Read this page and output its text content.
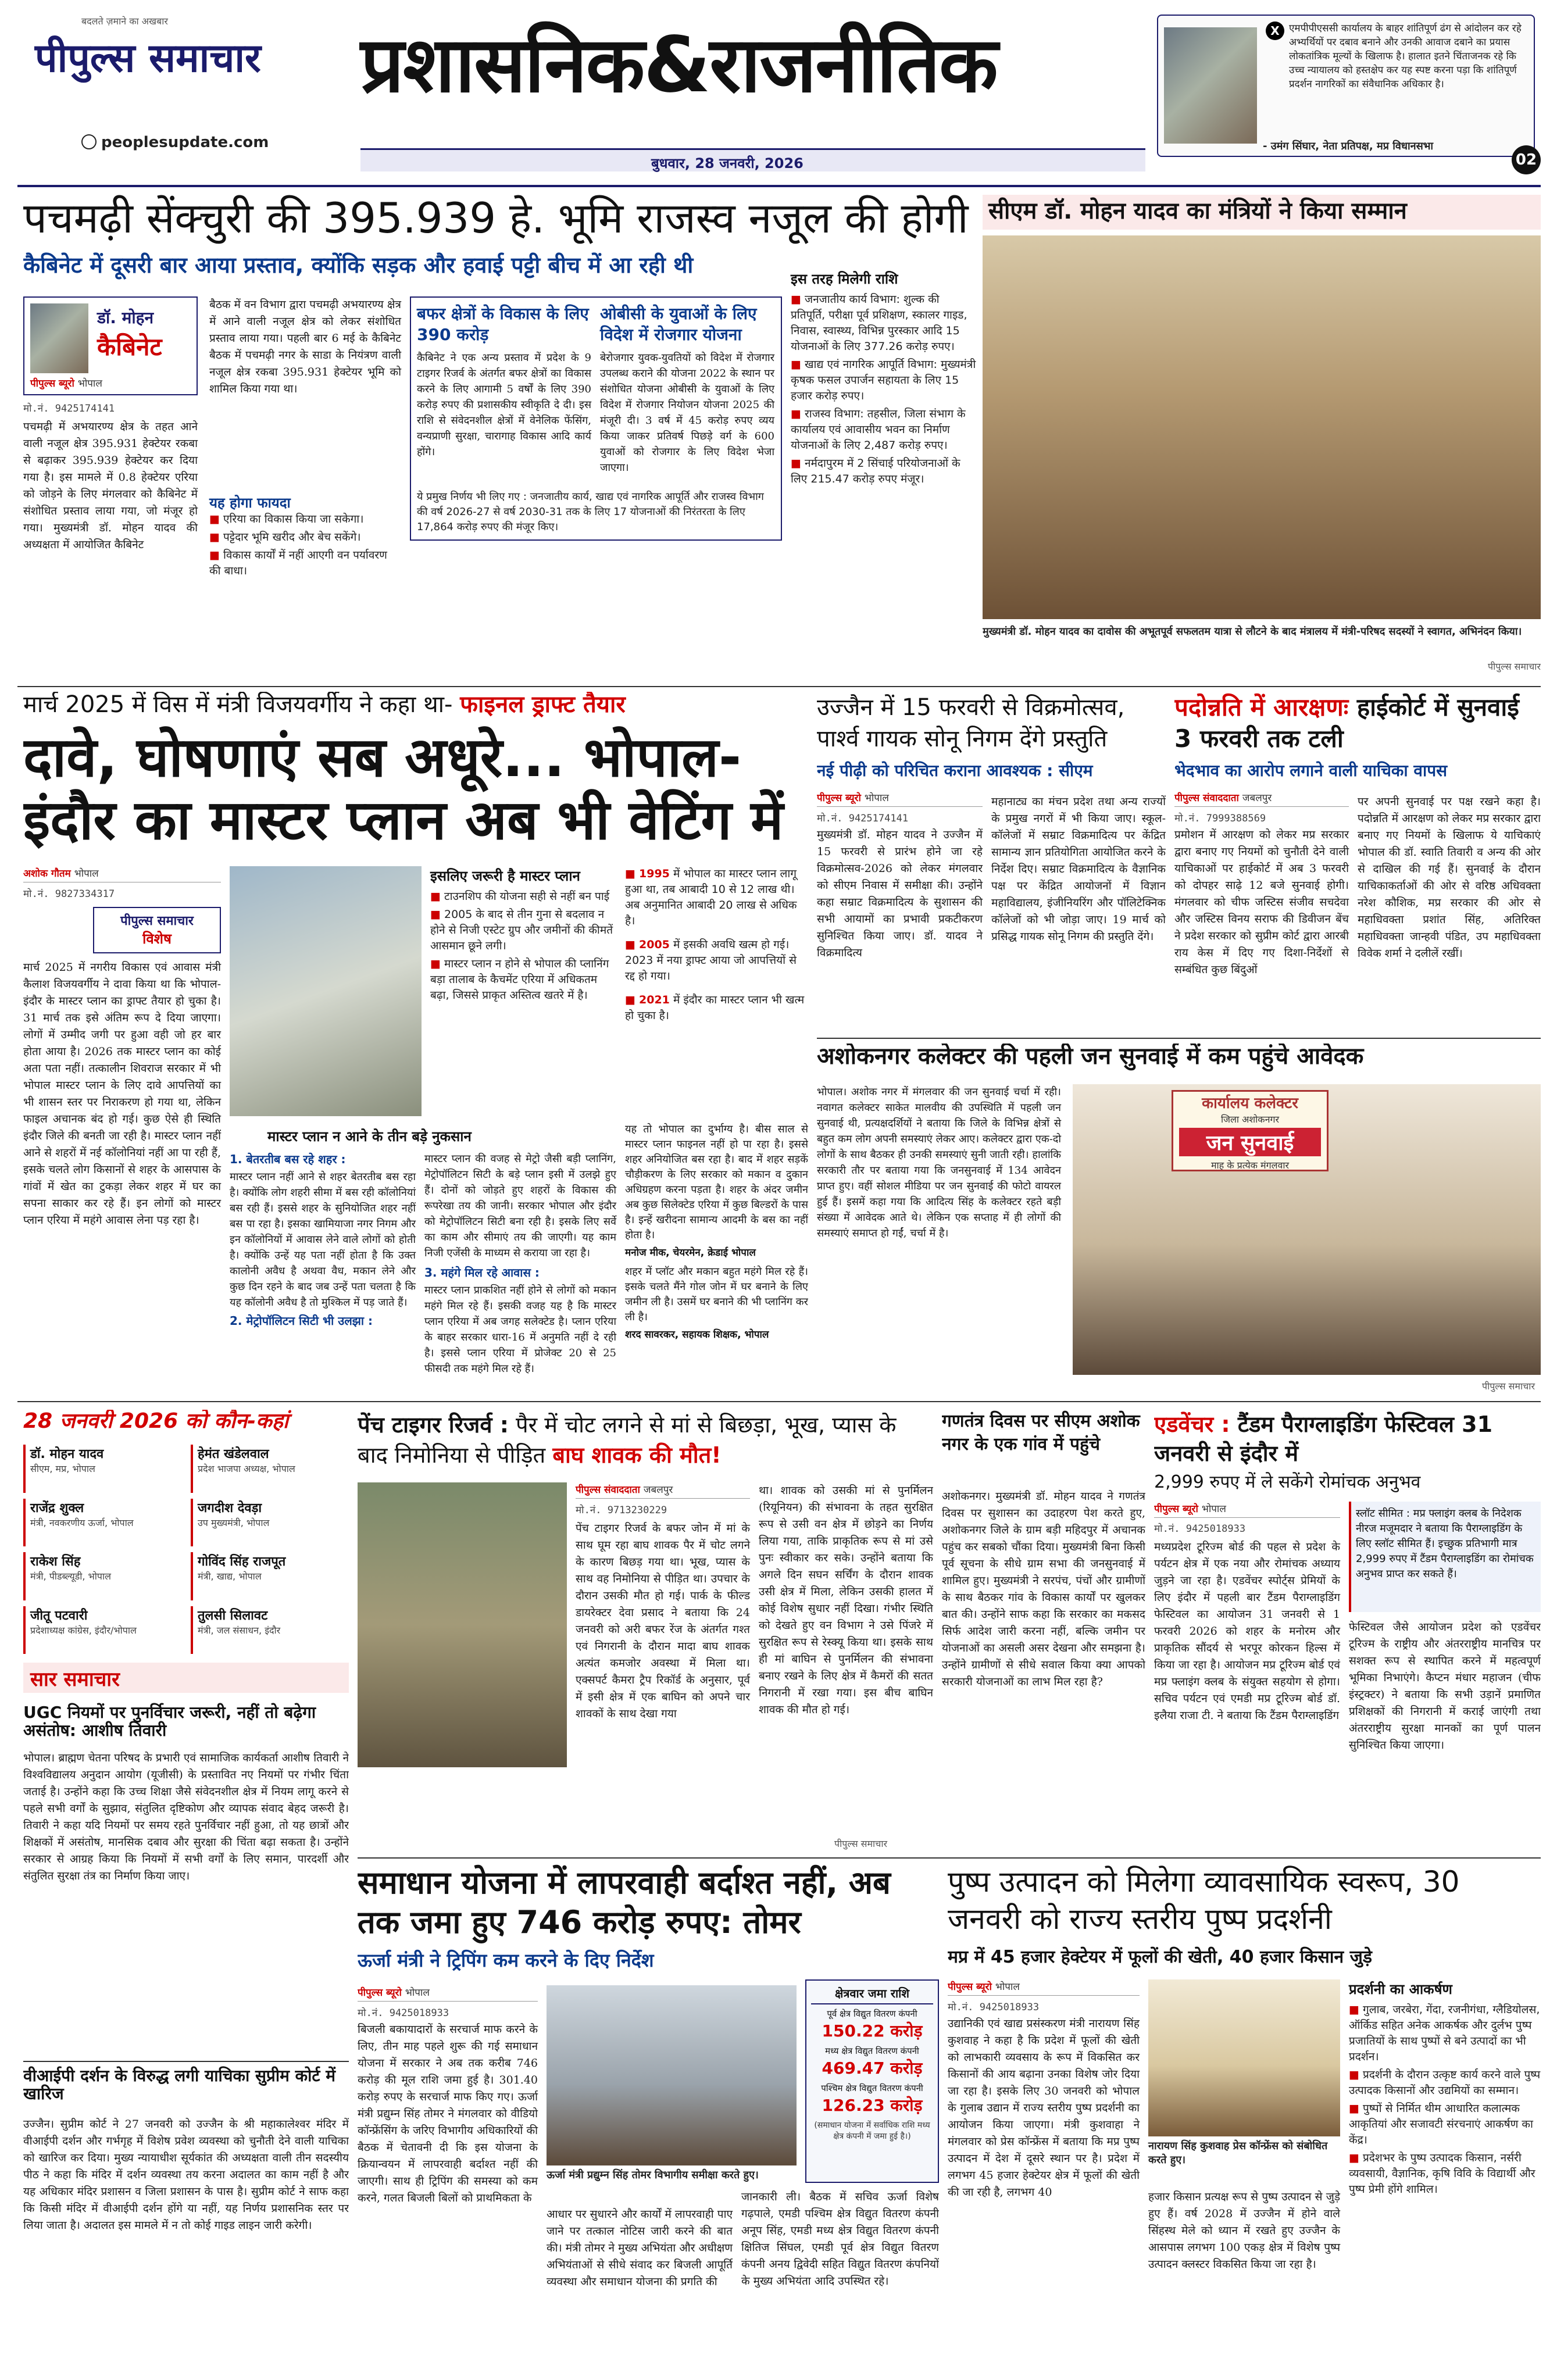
बदलते ज़माने का अखबार
पीपुल्स समाचार प्रशासनिक&राजनीतिक
peoplesupdate.com
बुधवार, 28 जनवरी, 2026
X एमपीपीएससी कार्यालय के बाहर शांतिपूर्ण ढंग से आंदोलन कर रहे अभ्यर्थियों पर दबाव बनाने और उनकी आवाज दबाने का प्रयास लोकतांत्रिक मूल्यों के खिलाफ है। हालात इतने चिंताजनक रहे कि उच्च न्यायालय को हस्तक्षेप कर यह स्पष्ट करना पड़ा कि शांतिपूर्ण प्रदर्शन नागरिकों का संवैधानिक अधिकार है।
- उमंग सिंघार, नेता प्रतिपक्ष, मप्र विधानसभा
02
पचमढ़ी सेंक्चुरी की 395.939 हे. भूमि राजस्व नजूल की होगी
कैबिनेट में दूसरी बार आया प्रस्ताव, क्योंकि सड़क और हवाई पट्टी बीच में आ रही थी
डॉ. मोहन
कैबिनेट
पीपुल्स ब्यूरो भोपाल
मो.नं. 9425174141
पचमढ़ी में अभयारण्य क्षेत्र के तहत आने वाली नजूल क्षेत्र 395.931 हेक्टेयर रकबा से बढ़ाकर 395.939 हेक्टेयर कर दिया गया है। इस मामले में 0.8 हेक्टेयर एरिया को जोड़ने के लिए मंगलवार को कैबिनेट में संशोधित प्रस्ताव लाया गया, जो मंजूर हो गया। मुख्यमंत्री डॉ. मोहन यादव की अध्यक्षता में आयोजित कैबिनेट
बैठक में वन विभाग द्वारा पचमढ़ी अभयारण्य क्षेत्र में आने वाली नजूल क्षेत्र को लेकर संशोधित प्रस्ताव लाया गया। पहली बार 6 मई के कैबिनेट बैठक में पचमढ़ी नगर के साडा के नियंत्रण वाली नजूल क्षेत्र रकबा 395.931 हेक्टेयर भूमि को शामिल किया गया था।
यह होगा फायदा
■ एरिया का विकास किया जा सकेगा।
■ पट्टेदार भूमि खरीद और बेच सकेंगे।
■ विकास कार्यों में नहीं आएगी वन पर्यावरण की बाधा।
बफर क्षेत्रों के विकास के लिए 390 करोड़
कैबिनेट ने एक अन्य प्रस्ताव में प्रदेश के 9 टाइगर रिजर्व के अंतर्गत बफर क्षेत्रों का विकास करने के लिए आगामी 5 वर्षों के लिए 390 करोड़ रुपए की प्रशासकीय स्वीकृति दे दी। इस राशि से संवेदनशील क्षेत्रों में वेनेलिक फेंसिंग, वन्यप्राणी सुरक्षा, चारागाह विकास आदि कार्य होंगे।
ओबीसी के युवाओं के लिए विदेश में रोजगार योजना
बेरोजगार युवक-युवतियों को विदेश में रोजगार उपलब्ध कराने की योजना 2022 के स्थान पर संशोधित योजना ओबीसी के युवाओं के लिए विदेश में रोजगार नियोजन योजना 2025 की मंजूरी दी। 3 वर्ष में 45 करोड़ रुपए व्यय किया जाकर प्रतिवर्ष पिछड़े वर्ग के 600 युवाओं को रोजगार के लिए विदेश भेजा जाएगा।
ये प्रमुख निर्णय भी लिए गए : जनजातीय कार्य, खाद्य एवं नागरिक आपूर्ति और राजस्व विभाग की वर्ष 2026-27 से वर्ष 2030-31 तक के लिए 17 योजनाओं की निरंतरता के लिए 17,864 करोड़ रुपए की मंजूर किए।
इस तरह मिलेगी राशि
■ जनजातीय कार्य विभाग: शुल्क की प्रतिपूर्ति, परीक्षा पूर्व प्रशिक्षण, स्कालर गाइड, निवास, स्वास्थ्य, विभिन्न पुरस्कार आदि 15 योजनाओं के लिए 377.26 करोड़ रुपए।
■ खाद्य एवं नागरिक आपूर्ति विभाग: मुख्यमंत्री कृषक फसल उपार्जन सहायता के लिए 15 हजार करोड़ रुपए।
■ राजस्व विभाग: तहसील, जिला संभाग के कार्यालय एवं आवासीय भवन का निर्माण योजनाओं के लिए 2,487 करोड़ रुपए।
■ नर्मदापुरम में 2 सिंचाई परियोजनाओं के लिए 215.47 करोड़ रुपए मंजूर।
सीएम डॉ. मोहन यादव का मंत्रियों ने किया सम्मान
मुख्यमंत्री डॉ. मोहन यादव का दावोस की अभूतपूर्व सफलतम यात्रा से लौटने के बाद मंत्रालय में मंत्री-परिषद सदस्यों ने स्वागत, अभिनंदन किया।
पीपुल्स समाचार
मार्च 2025 में विस में मंत्री विजयवर्गीय ने कहा था- फाइनल ड्राफ्ट तैयार
दावे, घोषणाएं सब अधूरे... भोपाल-इंदौर का मास्टर प्लान अब भी वेटिंग में
अशोक गौतम भोपाल
मो.नं. 9827334317
पीपुल्स समाचार
विशेष
मार्च 2025 में नगरीय विकास एवं आवास मंत्री कैलाश विजयवर्गीय ने दावा किया था कि भोपाल-इंदौर के मास्टर प्लान का ड्राफ्ट तैयार हो चुका है। 31 मार्च तक इसे अंतिम रूप दे दिया जाएगा। लोगों में उम्मीद जगी पर हुआ वही जो हर बार होता आया है। 2026 तक मास्टर प्लान का कोई अता पता नहीं। तत्कालीन शिवराज सरकार में भी भोपाल मास्टर प्लान के लिए दावे आपत्तियों का भी शासन स्तर पर निराकरण हो गया था, लेकिन फाइल अचानक बंद हो गई। कुछ ऐसे ही स्थिति इंदौर जिले की बनती जा रही है। मास्टर प्लान नहीं आने से शहरों में नई कॉलोनियां नहीं आ पा रही हैं, इसके चलते लोग किसानों से शहर के आसपास के गांवों में खेत का टुकड़ा लेकर शहर में घर का सपना साकार कर रहे हैं। इन लोगों को मास्टर प्लान एरिया में महंगे आवास लेना पड़ रहा है।
इसलिए जरूरी है मास्टर प्लान
■ टाउनशिप की योजना सही से नहीं बन पाई
■ 2005 के बाद से तीन गुना से बदलाव न होने से निजी एस्टेट ग्रुप और जमीनों की कीमतें आसमान छूने लगी।
■ मास्टर प्लान न होने से भोपाल की प्लानिंग बड़ा तालाब के कैचमेंट एरिया में अधिकतम बढ़ा, जिससे प्राकृत अस्तित्व खतरे में है।
■ 1995 में भोपाल का मास्टर प्लान लागू हुआ था, तब आबादी 10 से 12 लाख थी। अब अनुमानित आबादी 20 लाख से अधिक है।
■ 2005 में इसकी अवधि खत्म हो गई। 2023 में नया ड्राफ्ट आया जो आपत्तियों से रद्द हो गया।
■ 2021 में इंदौर का मास्टर प्लान भी खत्म हो चुका है।
मास्टर प्लान न आने के तीन बड़े नुकसान
1. बेतरतीब बस रहे शहर :
मास्टर प्लान नहीं आने से शहर बेतरतीब बस रहा है। क्योंकि लोग शहरी सीमा में बस रही कॉलोनियां बस रही हैं। इससे शहर के सुनियोजित शहर नहीं बस पा रहा है। इसका खामियाजा नगर निगम और इन कॉलोनियों में आवास लेने वाले लोगों को होती है। क्योंकि उन्हें यह पता नहीं होता है कि उक्त कालोनी अवैध है अथवा वैध, मकान लेने और कुछ दिन रहने के बाद जब उन्हें पता चलता है कि यह कॉलोनी अवैध है तो मुश्किल में पड़ जाते हैं।
2. मेट्रोपॉलिटन सिटी भी उलझा :
मास्टर प्लान की वजह से मेट्रो जैसी बड़ी प्लानिंग, मेट्रोपॉलिटन सिटी के बड़े प्लान इसी में उलझे हुए हैं। दोनों को जोड़ते हुए शहरों के विकास की रूपरेखा तय की जानी। सरकार भोपाल और इंदौर को मेट्रोपॉलिटन सिटी बना रही है। इसके लिए सर्वे का काम और सीमाएं तय की जाएगी। यह काम निजी एजेंसी के माध्यम से कराया जा रहा है।
3. महंगे मिल रहे आवास :
मास्टर प्लान प्राकशित नहीं होने से लोगों को मकान महंगे मिल रहे हैं। इसकी वजह यह है कि मास्टर प्लान एरिया में अब जगह सलेक्टेड है। प्लान एरिया के बाहर सरकार धारा-16 में अनुमति नहीं दे रही है। इससे प्लान एरिया में प्रोजेक्ट 20 से 25 फीसदी तक महंगे मिल रहे हैं।
यह तो भोपाल का दुर्भाग्य है। बीस साल से मास्टर प्लान फाइनल नहीं हो पा रहा है। इससे शहर अनियोजित बस रहा है। बाद में शहर सड़कें चौड़ीकरण के लिए सरकार को मकान व दुकान अधिग्रहण करना पड़ता है। शहर के अंदर जमीन अब कुछ सिलेक्टेड एरिया में कुछ बिल्डरों के पास है। इन्हें खरीदना सामान्य आदमी के बस का नहीं होता है।
मनोज मीक, चेयरमेन, क्रेडाई भोपाल
शहर में प्लॉट और मकान बहुत महंगे मिल रहे हैं। इसके चलते मैंने गोल जोन में घर बनाने के लिए जमीन ली है। उसमें घर बनाने की भी प्लानिंग कर ली है।
शरद सावरकर, सहायक शिक्षक, भोपाल
उज्जैन में 15 फरवरी से विक्रमोत्सव, पार्श्व गायक सोनू निगम देंगे प्रस्तुति
नई पीढ़ी को परिचित कराना आवश्यक : सीएम
पीपुल्स ब्यूरो भोपाल
मो.नं. 9425174141
मुख्यमंत्री डॉ. मोहन यादव ने उज्जैन में 15 फरवरी से प्रारंभ होने जा रहे विक्रमोत्सव-2026 को लेकर मंगलवार को सीएम निवास में समीक्षा की। उन्होंने कहा सम्राट विक्रमादित्य के सुशासन की सभी आयामों का प्रभावी प्रकटीकरण सुनिश्चित किया जाए। डॉ. यादव ने विक्रमादित्य
महानाट्य का मंचन प्रदेश तथा अन्य राज्यों के प्रमुख नगरों में भी किया जाए। स्कूल-कॉलेजों में सम्राट विक्रमादित्य पर केंद्रित सामान्य ज्ञान प्रतियोगिता आयोजित करने के निर्देश दिए। सम्राट विक्रमादित्य के वैज्ञानिक पक्ष पर केंद्रित आयोजनों में विज्ञान महाविद्यालय, इंजीनियरिंग और पॉलिटेक्निक कॉलेजों को भी जोड़ा जाए। 19 मार्च को प्रसिद्ध गायक सोनू निगम की प्रस्तुति देंगे।
पदोन्नति में आरक्षणः हाईकोर्ट में सुनवाई 3 फरवरी तक टली
भेदभाव का आरोप लगाने वाली याचिका वापस
पीपुल्स संवाददाता जबलपुर
मो.नं. 7999388569
प्रमोशन में आरक्षण को लेकर मप्र सरकार द्वारा बनाए गए नियमों को चुनौती देने वाली याचिकाओं पर हाईकोर्ट में अब 3 फरवरी को दोपहर साढ़े 12 बजे सुनवाई होगी। मंगलवार को चीफ जस्टिस संजीव सचदेवा और जस्टिस विनय सराफ की डिवीजन बेंच ने प्रदेश सरकार को सुप्रीम कोर्ट द्वारा आरबी राय केस में दिए गए दिशा-निर्देशों से सम्बंधित कुछ बिंदुओं
पर अपनी सुनवाई पर पक्ष रखने कहा है। पदोन्नति में आरक्षण को लेकर मप्र सरकार द्वारा बनाए गए नियमों के खिलाफ ये याचिकाएं भोपाल की डॉ. स्वाति तिवारी व अन्य की ओर से दाखिल की गई हैं। सुनवाई के दौरान याचिकाकर्ताओं की ओर से वरिष्ठ अधिवक्ता नरेश कौशिक, मप्र सरकार की ओर से महाधिवक्ता प्रशांत सिंह, अतिरिक्त महाधिवक्ता जान्हवी पंडित, उप महाधिवक्ता विवेक शर्मा ने दलीलें रखीं।
अशोकनगर कलेक्टर की पहली जन सुनवाई में कम पहुंचे आवेदक
भोपाल। अशोक नगर में मंगलवार की जन सुनवाई चर्चा में रही। नवागत कलेक्टर साकेत मालवीय की उपस्थिति में पहली जन सुनवाई थी, प्रत्यक्षदर्शियों ने बताया कि जिले के विभिन्न क्षेत्रों से बहुत कम लोग अपनी समस्याएं लेकर आए। कलेक्टर द्वारा एक-दो लोगों के साथ बैठकर ही उनकी समस्याएं सुनी जाती रही। हालांकि सरकारी तौर पर बताया गया कि जनसुनवाई में 134 आवेदन प्राप्त हुए। वहीं सोशल मीडिया पर जन सुनवाई की फोटो वायरल हुई हैं। इसमें कहा गया कि आदित्य सिंह के कलेक्टर रहते बड़ी संख्या में आवेदक आते थे। लेकिन एक सप्ताह में ही लोगों की समस्याएं समाप्त हो गईं, चर्चा में है।
कार्यालय कलेक्टर
जिला अशोकनगर
जन सुनवाई
माह के प्रत्येक मंगलवार
पीपुल्स समाचार
28 जनवरी 2026 को कौन-कहां
डॉ. मोहन यादव
सीएम, मप्र, भोपाल
हेमंत खंडेलवाल
प्रदेश भाजपा अध्यक्ष, भोपाल
राजेंद्र शुक्ल
मंत्री, नवकरणीय ऊर्जा, भोपाल
जगदीश देवड़ा
उप मुख्यमंत्री, भोपाल
राकेश सिंह
मंत्री, पीडब्ल्यूडी, भोपाल
गोविंद सिंह राजपूत
मंत्री, खाद्य, भोपाल
जीतू पटवारी
प्रदेशाध्यक्ष कांग्रेस, इंदौर/भोपाल
तुलसी सिलावट
मंत्री, जल संसाधन, इंदौर
सार समाचार
UGC नियमों पर पुनर्विचार जरूरी, नहीं तो बढ़ेगा असंतोष: आशीष तिवारी
भोपाल। ब्राह्मण चेतना परिषद के प्रभारी एवं सामाजिक कार्यकर्ता आशीष तिवारी ने विश्वविद्यालय अनुदान आयोग (यूजीसी) के प्रस्तावित नए नियमों पर गंभीर चिंता जताई है। उन्होंने कहा कि उच्च शिक्षा जैसे संवेदनशील क्षेत्र में नियम लागू करने से पहले सभी वर्गों के सुझाव, संतुलित दृष्टिकोण और व्यापक संवाद बेहद जरूरी है। तिवारी ने कहा यदि नियमों पर समय रहते पुनर्विचार नहीं हुआ, तो यह छात्रों और शिक्षकों में असंतोष, मानसिक दबाव और सुरक्षा की चिंता बढ़ा सकता है। उन्होंने सरकार से आग्रह किया कि नियमों में सभी वर्गों के लिए समान, पारदर्शी और संतुलित सुरक्षा तंत्र का निर्माण किया जाए।
वीआईपी दर्शन के विरुद्ध लगी याचिका सुप्रीम कोर्ट में खारिज
उज्जैन। सुप्रीम कोर्ट ने 27 जनवरी को उज्जैन के श्री महाकालेश्वर मंदिर में वीआईपी दर्शन और गर्भगृह में विशेष प्रवेश व्यवस्था को चुनौती देने वाली याचिका को खारिज कर दिया। मुख्य न्यायाधीश सूर्यकांत की अध्यक्षता वाली तीन सदस्यीय पीठ ने कहा कि मंदिर में दर्शन व्यवस्था तय करना अदालत का काम नहीं है और यह अधिकार मंदिर प्रशासन व जिला प्रशासन के पास है। सुप्रीम कोर्ट ने साफ कहा कि किसी मंदिर में वीआईपी दर्शन होंगे या नहीं, यह निर्णय प्रशासनिक स्तर पर लिया जाता है। अदालत इस मामले में न तो कोई गाइड लाइन जारी करेगी।
पेंच टाइगर रिजर्व : पैर में चोट लगने से मां से बिछड़ा, भूख, प्यास के बाद निमोनिया से पीड़ित बाघ शावक की मौत!
पीपुल्स संवाददाता जबलपुर
मो.नं. 9713230229
पेंच टाइगर रिजर्व के बफर जोन में मां के साथ घूम रहा बाघ शावक पैर में चोट लगने के कारण बिछड़ गया था। भूख, प्यास के साथ वह निमोनिया से पीड़ित था। उपचार के दौरान उसकी मौत हो गई। पार्क के फील्ड डायरेक्टर देवा प्रसाद ने बताया कि 24 जनवरी को अरी बफर रेंज के अंतर्गत गश्त एवं निगरानी के दौरान मादा बाघ शावक अत्यंत कमजोर अवस्था में मिला था। एक्सपर्ट कैमरा ट्रैप रिकॉर्ड के अनुसार, पूर्व में इसी क्षेत्र में एक बाघिन को अपने चार शावकों के साथ देखा गया
था। शावक को उसकी मां से पुनर्मिलन (रियूनियन) की संभावना के तहत सुरक्षित रूप से उसी वन क्षेत्र में छोड़ने का निर्णय लिया गया, ताकि प्राकृतिक रूप से मां उसे पुनः स्वीकार कर सके। उन्होंने बताया कि अगले दिन सघन सर्चिंग के दौरान शावक उसी क्षेत्र में मिला, लेकिन उसकी हालत में कोई विशेष सुधार नहीं दिखा। गंभीर स्थिति को देखते हुए वन विभाग ने उसे पिंजरे में सुरक्षित रूप से रेस्क्यू किया था। इसके साथ ही मां बाघिन से पुनर्मिलन की संभावना बनाए रखने के लिए क्षेत्र में कैमरों की सतत निगरानी में रखा गया। इस बीच बाघिन शावक की मौत हो गई।
पीपुल्स समाचार
गणतंत्र दिवस पर सीएम अशोक नगर के एक गांव में पहुंचे
अशोकनगर। मुख्यमंत्री डॉ. मोहन यादव ने गणतंत्र दिवस पर सुशासन का उदाहरण पेश करते हुए, अशोकनगर जिले के ग्राम बड़ी महिदपुर में अचानक पहुंच कर सबको चौंका दिया। मुख्यमंत्री बिना किसी पूर्व सूचना के सीधे ग्राम सभा की जनसुनवाई में शामिल हुए। मुख्यमंत्री ने सरपंच, पंचों और ग्रामीणों के साथ बैठकर गांव के विकास कार्यों पर खुलकर बात की। उन्होंने साफ कहा कि सरकार का मकसद सिर्फ आदेश जारी करना नहीं, बल्कि जमीन पर योजनाओं का असली असर देखना और समझना है। उन्होंने ग्रामीणों से सीधे सवाल किया क्या आपको सरकारी योजनाओं का लाभ मिल रहा है?
एडवेंचर : टैंडम पैराग्लाइडिंग फेस्टिवल 31 जनवरी से इंदौर में
2,999 रुपए में ले सकेंगे रोमांचक अनुभव
पीपुल्स ब्यूरो भोपाल
मो.नं. 9425018933
मध्यप्रदेश टूरिज्म बोर्ड की पहल से प्रदेश के पर्यटन क्षेत्र में एक नया और रोमांचक अध्याय जुड़ने जा रहा है। एडवेंचर स्पोर्ट्स प्रेमियों के लिए इंदौर में पहली बार टैंडम पैराग्लाइडिंग फेस्टिवल का आयोजन 31 जनवरी से 1 फरवरी 2026 को शहर के मनोरम और प्राकृतिक सौंदर्य से भरपूर कोरकन हिल्स में किया जा रहा है। आयोजन मप्र टूरिज्म बोर्ड एवं मप्र फ्लाइंग क्लब के संयुक्त सहयोग से होगा। सचिव पर्यटन एवं एमडी मप्र टूरिज्म बोर्ड डॉ. इलैया राजा टी. ने बताया कि टैंडम पैराग्लाइडिंग
स्लॉट सीमित : मप्र फ्लाइंग क्लब के निदेशक नीरज मजूमदार ने बताया कि पैराग्लाइडिंग के लिए स्लॉट सीमित हैं। इच्छुक प्रतिभागी मात्र 2,999 रुपए में टैंडम पैराग्लाइडिंग का रोमांचक अनुभव प्राप्त कर सकते हैं।
फेस्टिवल जैसे आयोजन प्रदेश को एडवेंचर टूरिज्म के राष्ट्रीय और अंतरराष्ट्रीय मानचित्र पर सशक्त रूप से स्थापित करने में महत्वपूर्ण भूमिका निभाएंगे। कैप्टन मंधार महाजन (चीफ इंस्ट्रक्टर) ने बताया कि सभी उड़ानें प्रमाणित प्रशिक्षकों की निगरानी में कराई जाएंगी तथा अंतरराष्ट्रीय सुरक्षा मानकों का पूर्ण पालन सुनिश्चित किया जाएगा।
समाधान योजना में लापरवाही बर्दाश्त नहीं, अब तक जमा हुए 746 करोड़ रुपए: तोमर
ऊर्जा मंत्री ने ट्रिपिंग कम करने के दिए निर्देश
पीपुल्स ब्यूरो भोपाल
मो.नं. 9425018933
बिजली बकायादारों के सरचार्ज माफ करने के लिए, तीन माह पहले शुरू की गई समाधान योजना में सरकार ने अब तक करीब 746 करोड़ की मूल राशि जमा हुई है। 301.40 करोड़ रुपए के सरचार्ज माफ किए गए। ऊर्जा मंत्री प्रद्युम्न सिंह तोमर ने मंगलवार को वीडियो कॉन्फ्रेंसिंग के जरिए विभागीय अधिकारियों की बैठक में चेतावनी दी कि इस योजना के क्रियान्वयन में लापरवाही बर्दाश्त नहीं की जाएगी। साथ ही ट्रिपिंग की समस्या को कम करने, गलत बिजली बिलों को प्राथमिकता के
ऊर्जा मंत्री प्रद्युम्न सिंह तोमर विभागीय समीक्षा करते हुए।
आधार पर सुधारने और कार्यों में लापरवाही पाए जाने पर तत्काल नोटिस जारी करने की बात की। मंत्री तोमर ने मुख्य अभियंता और अधीक्षण अभियंताओं से सीधे संवाद कर बिजली आपूर्ति व्यवस्था और समाधान योजना की प्रगति की
जानकारी ली। बैठक में सचिव ऊर्जा विशेष गढ़पाले, एमडी पश्चिम क्षेत्र विद्युत वितरण कंपनी अनूप सिंह, एमडी मध्य क्षेत्र विद्युत वितरण कंपनी क्षितिज सिंघल, एमडी पूर्व क्षेत्र विद्युत वितरण कंपनी अनय द्विवेदी सहित विद्युत वितरण कंपनियों के मुख्य अभियंता आदि उपस्थित रहे।
क्षेत्रवार जमा राशि
पूर्व क्षेत्र विद्युत वितरण कंपनी
150.22 करोड़
मध्य क्षेत्र विद्युत वितरण कंपनी
469.47 करोड़
पश्चिम क्षेत्र विद्युत वितरण कंपनी
126.23 करोड़
(समाधान योजना में सर्वाधिक राशि मध्य क्षेत्र कंपनी में जमा हुई है।)
पुष्प उत्पादन को मिलेगा व्यावसायिक स्वरूप, 30 जनवरी को राज्य स्तरीय पुष्प प्रदर्शनी
मप्र में 45 हजार हेक्टेयर में फूलों की खेती, 40 हजार किसान जुड़े
पीपुल्स ब्यूरो भोपाल
मो.नं. 9425018933
उद्यानिकी एवं खाद्य प्रसंस्करण मंत्री नारायण सिंह कुशवाह ने कहा है कि प्रदेश में फूलों की खेती को लाभकारी व्यवसाय के रूप में विकसित कर किसानों की आय बढ़ाना उनका विशेष जोर दिया जा रहा है। इसके लिए 30 जनवरी को भोपाल के गुलाब उद्यान में राज्य स्तरीय पुष्प प्रदर्शनी का आयोजन किया जाएगा। मंत्री कुशवाहा ने मंगलवार को प्रेस कॉन्फ्रेंस में बताया कि मप्र पुष्प उत्पादन में देश में दूसरे स्थान पर है। प्रदेश में लगभग 45 हजार हेक्टेयर क्षेत्र में फूलों की खेती की जा रही है, लगभग 40
नारायण सिंह कुशवाह प्रेस कॉन्फ्रेंस को संबोधित करते हुए।
हजार किसान प्रत्यक्ष रूप से पुष्प उत्पादन से जुड़े हुए हैं। वर्ष 2028 में उज्जैन में होने वाले सिंहस्थ मेले को ध्यान में रखते हुए उज्जैन के आसपास लगभग 100 एकड़ क्षेत्र में विशेष पुष्प उत्पादन क्लस्टर विकसित किया जा रहा है।
प्रदर्शनी का आकर्षण
■ गुलाब, जरबेरा, गेंदा, रजनीगंधा, ग्लैडियोलस, ऑर्किड सहित अनेक आकर्षक और दुर्लभ पुष्प प्रजातियों के साथ पुष्पों से बने उत्पादों का भी प्रदर्शन।
■ प्रदर्शनी के दौरान उत्कृष्ट कार्य करने वाले पुष्प उत्पादक किसानों और उद्यमियों का सम्मान।
■ पुष्पों से निर्मित थीम आधारित कलात्मक आकृतियां और सजावटी संरचनाएं आकर्षण का केंद्र।
■ प्रदेशभर के पुष्प उत्पादक किसान, नर्सरी व्यवसायी, वैज्ञानिक, कृषि विवि के विद्यार्थी और पुष्प प्रेमी होंगे शामिल।
